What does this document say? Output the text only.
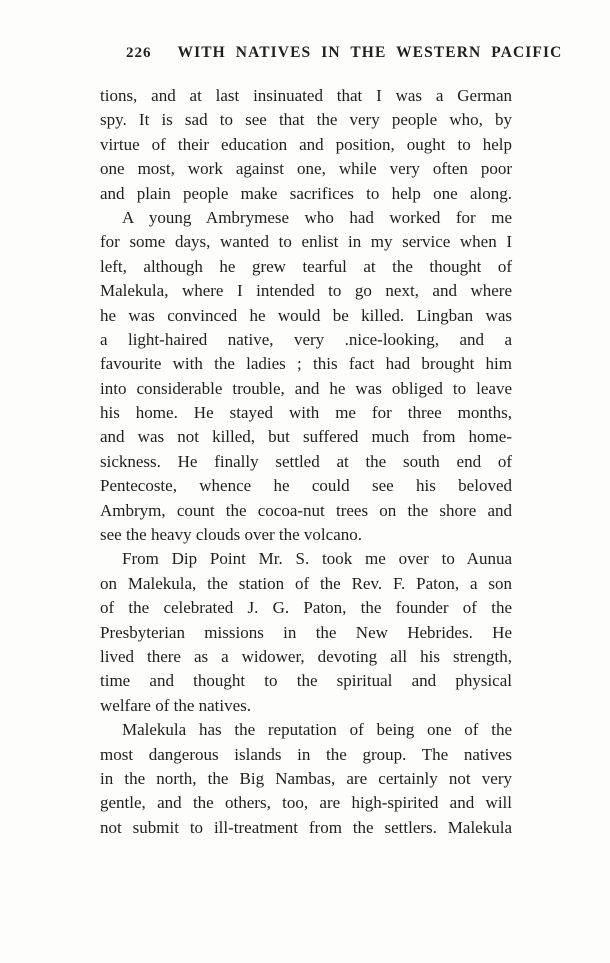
226 WITH NATIVES IN THE WESTERN PACIFIC
tions, and at last insinuated that I was a German
spy. It is sad to see that the very people who, by
virtue of their education and position, ought to help
one most, work against one, while very often poor
and plain people make sacrifices to help one along.
A young Ambrymese who had worked for me
for some days, wanted to enlist in my service when I
left, although he grew tearful at the thought of
Malekula, where I intended to go next, and where
he was convinced he would be killed. Lingban was
a light-haired native, very .nice-looking, and a
favourite with the ladies ; this fact had brought him
into considerable trouble, and he was obliged to leave
his home. He stayed with me for three months,
and was not killed, but suffered much from home-
sickness. He finally settled at the south end of
Pentecoste, whence he could see his beloved
Ambrym, count the cocoa-nut trees on the shore and
see the heavy clouds over the volcano.
From Dip Point Mr. S. took me over to Aunua
on Malekula, the station of the Rev. F. Paton, a son
of the celebrated J. G. Paton, the founder of the
Presbyterian missions in the New Hebrides. He
lived there as a widower, devoting all his strength,
time and thought to the spiritual and physical
welfare of the natives.
Malekula has the reputation of being one of the
most dangerous islands in the group. The natives
in the north, the Big Nambas, are certainly not very
gentle, and the others, too, are high-spirited and will
not submit to ill-treatment from the settlers. Malekula
